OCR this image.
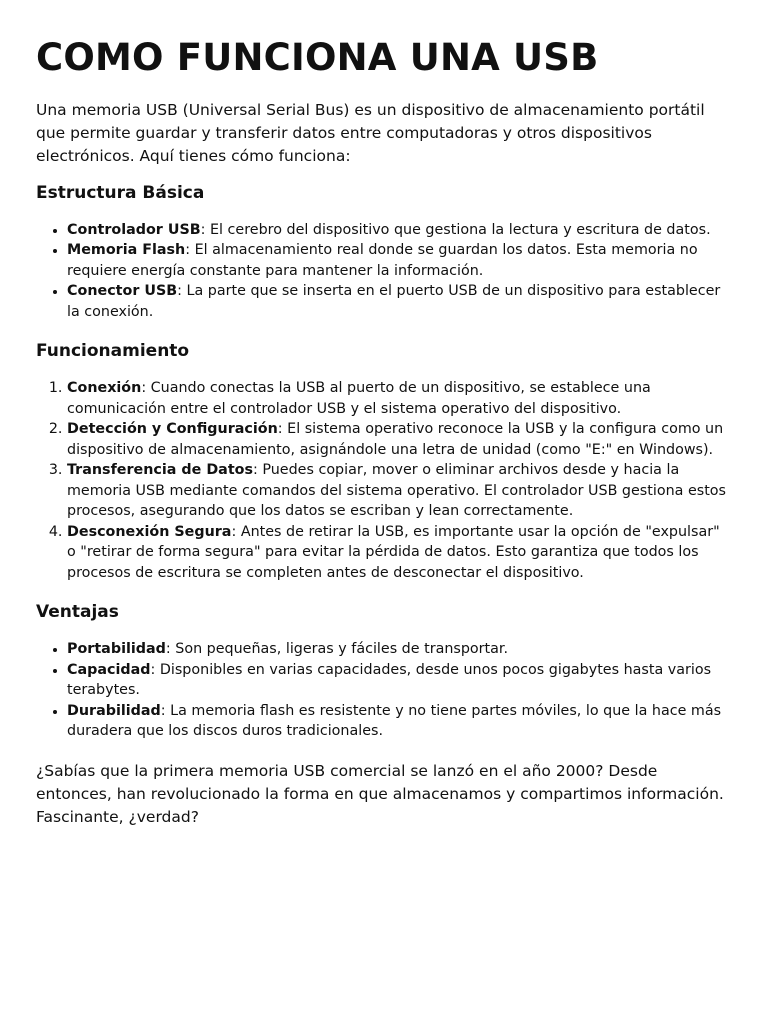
COMO FUNCIONA UNA USB

Una memoria USB (Universal Serial Bus) es un dispositivo de almacenamiento portátil que permite guardar y transferir datos entre computadoras y otros dispositivos electrónicos. Aquí tienes cómo funciona:

Estructura Básica
• Controlador USB: El cerebro del dispositivo que gestiona la lectura y escritura de datos.
• Memoria Flash: El almacenamiento real donde se guardan los datos. Esta memoria no requiere energía constante para mantener la información.
• Conector USB: La parte que se inserta en el puerto USB de un dispositivo para establecer la conexión.
Funcionamiento
1. Conexión: Cuando conectas la USB al puerto de un dispositivo, se establece una comunicación entre el controlador USB y el sistema operativo del dispositivo.
2. Detección y Configuración: El sistema operativo reconoce la USB y la configura como un dispositivo de almacenamiento, asignándole una letra de unidad (como "E:" en Windows).
3. Transferencia de Datos: Puedes copiar, mover o eliminar archivos desde y hacia la memoria USB mediante comandos del sistema operativo. El controlador USB gestiona estos procesos, asegurando que los datos se escriban y lean correctamente.
4. Desconexión Segura: Antes de retirar la USB, es importante usar la opción de "expulsar" o "retirar de forma segura" para evitar la pérdida de datos. Esto garantiza que todos los procesos de escritura se completen antes de desconectar el dispositivo.
Ventajas
• Portabilidad: Son pequeñas, ligeras y fáciles de transportar.
• Capacidad: Disponibles en varias capacidades, desde unos pocos gigabytes hasta varios terabytes.
• Durabilidad: La memoria flash es resistente y no tiene partes móviles, lo que la hace más duradera que los discos duros tradicionales.

¿Sabías que la primera memoria USB comercial se lanzó en el año 2000? Desde entonces, han revolucionado la forma en que almacenamos y compartimos información. Fascinante, ¿verdad?
